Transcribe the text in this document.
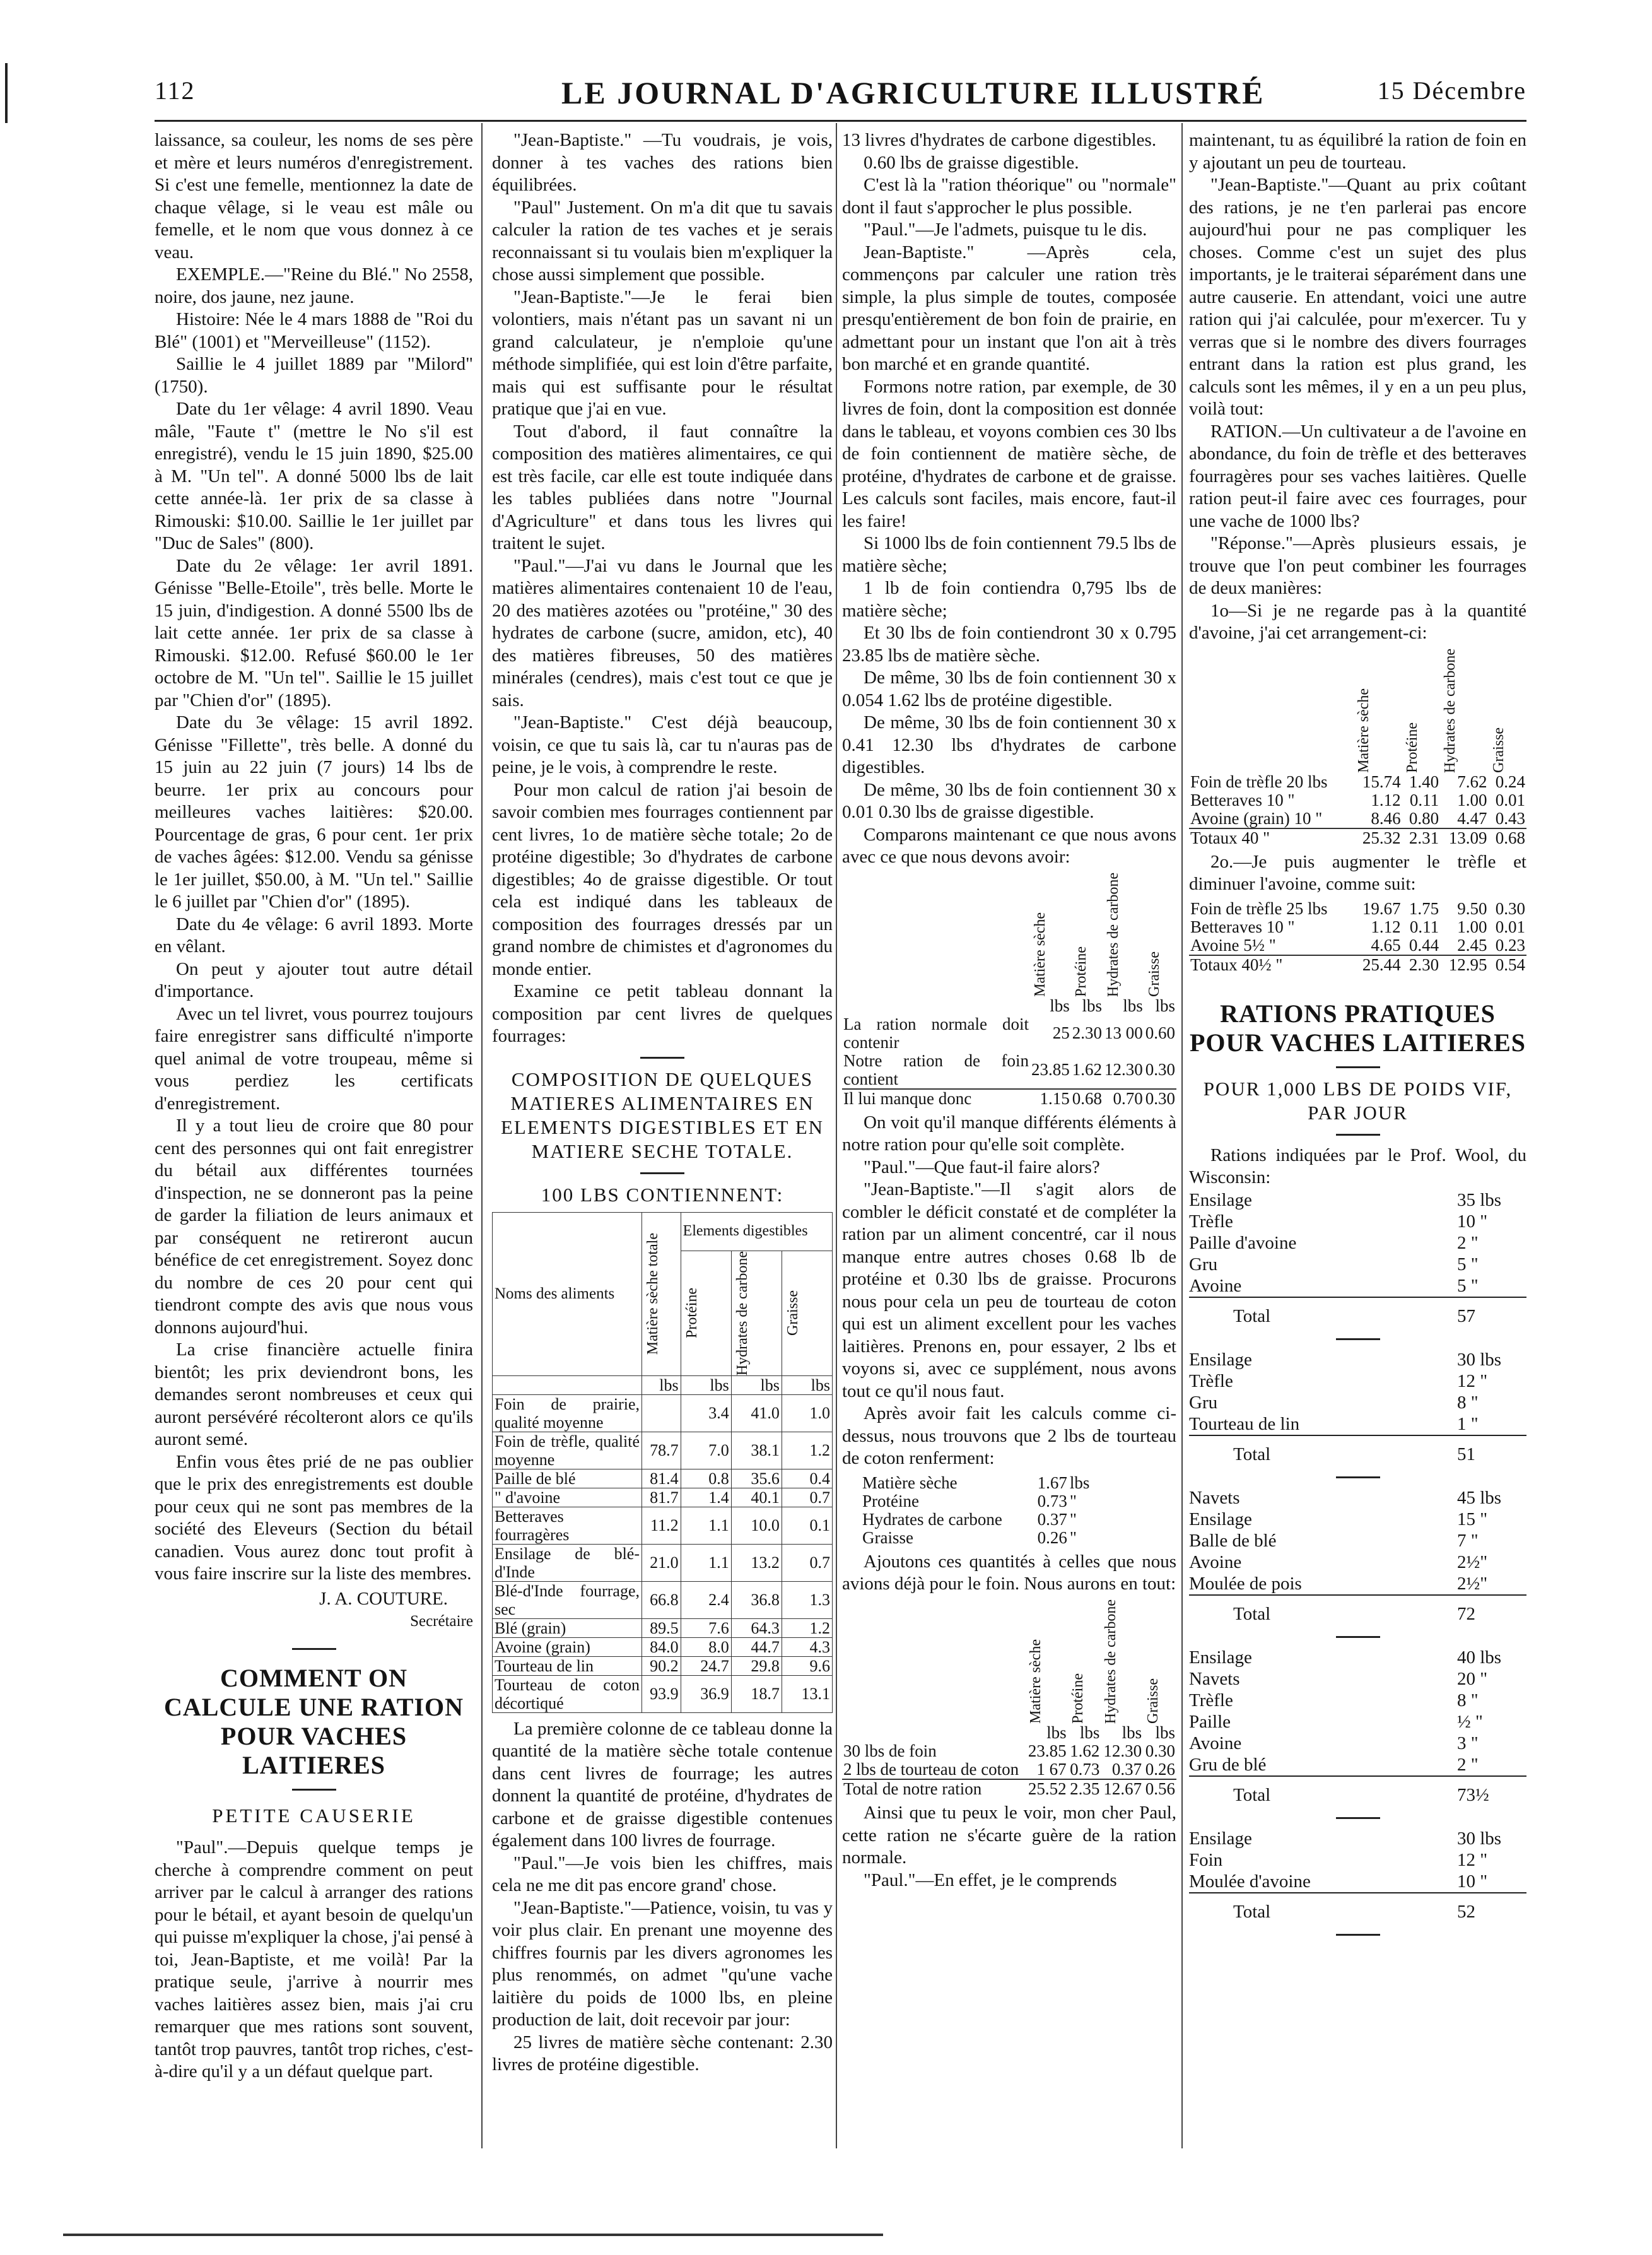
112	LE JOURNAL D'AGRICULTURE ILLUSTRÉ	15 Décembre

laissance, sa couleur, les noms de ses père et mère et leurs numéros d'enregistrement. Si c'est une femelle, mentionnez la date de chaque vêlage, si le veau est mâle ou femelle, et le nom que vous donnez à ce veau.

EXEMPLE.—"Reine du Blé." No 2558, noire, dos jaune, nez jaune.

Histoire: Née le 4 mars 1888 de "Roi du Blé" (1001) et "Merveilleuse" (1152).

Saillie le 4 juillet 1889 par "Milord" (1750).

Date du 1er vêlage: 4 avril 1890. Veau mâle, "Faute t" (mettre le No s'il est enregistré), vendu le 15 juin 1890, $25.00 à M. "Un tel". A donné 5000 lbs de lait cette année-là. 1er prix de sa classe à Rimouski: $10.00. Saillie le 1er juillet par "Duc de Sales" (800).

Date du 2e vêlage: 1er avril 1891. Génisse "Belle-Etoile", très belle. Morte le 15 juin, d'indigestion. A donné 5500 lbs de lait cette année. 1er prix de sa classe à Rimouski. $12.00. Refusé $60.00 le 1er octobre de M. "Un tel". Saillie le 15 juillet par "Chien d'or" (1895).

Date du 3e vêlage: 15 avril 1892. Génisse "Fillette", très belle. A donné du 15 juin au 22 juin (7 jours) 14 lbs de beurre. 1er prix au concours pour meilleures vaches laitières: $20.00. Pourcentage de gras, 6 pour cent. 1er prix de vaches âgées: $12.00. Vendu sa génisse le 1er juillet, $50.00, à M. "Un tel." Saillie le 6 juillet par "Chien d'or" (1895).

Date du 4e vêlage: 6 avril 1893. Morte en vêlant.

On peut y ajouter tout autre détail d'importance.

Avec un tel livret, vous pourrez toujours faire enregistrer sans difficulté n'importe quel animal de votre troupeau, même si vous perdiez les certificats d'enregistrement.

Il y a tout lieu de croire que 80 pour cent des personnes qui ont fait enregistrer du bétail aux différentes tournées d'inspection, ne se donneront pas la peine de garder la filiation de leurs animaux et par conséquent ne retireront aucun bénéfice de cet enregistrement. Soyez donc du nombre de ces 20 pour cent qui tiendront compte des avis que nous vous donnons aujourd'hui.

La crise financière actuelle finira bientôt; les prix deviendront bons, les demandes seront nombreuses et ceux qui auront persévéré récolteront alors ce qu'ils auront semé.

Enfin vous êtes prié de ne pas oublier que le prix des enregistrements est double pour ceux qui ne sont pas membres de la société des Eleveurs (Section du bétail canadien. Vous aurez donc tout profit à vous faire inscrire sur la liste des membres.

J. A. COUTURE.

Secrétaire

COMMENT ON CALCULE UNE RATION POUR VACHES LAITIERES
PETITE CAUSERIE

"Paul".—Depuis quelque temps je cherche à comprendre comment on peut arriver par le calcul à arranger des rations pour le bétail, et ayant besoin de quelqu'un qui puisse m'expliquer la chose, j'ai pensé à toi, Jean-Baptiste, et me voilà! Par la pratique seule, j'arrive à nourrir mes vaches laitières assez bien, mais j'ai cru remarquer que mes rations sont souvent, tantôt trop pauvres, tantôt trop riches, c'est-à-dire qu'il y a un défaut quelque part.

"Jean-Baptiste." —Tu voudrais, je vois, donner à tes vaches des rations bien équilibrées.

"Paul" Justement. On m'a dit que tu savais calculer la ration de tes vaches et je serais reconnaissant si tu voulais bien m'expliquer la chose aussi simplement que possible.

"Jean-Baptiste."—Je le ferai bien volontiers, mais n'étant pas un savant ni un grand calculateur, je n'emploie qu'une méthode simplifiée, qui est loin d'être parfaite, mais qui est suffisante pour le résultat pratique que j'ai en vue.

Tout d'abord, il faut connaître la composition des matières alimentaires, ce qui est très facile, car elle est toute indiquée dans les tables publiées dans notre "Journal d'Agriculture" et dans tous les livres qui traitent le sujet.

"Paul."—J'ai vu dans le Journal que les matières alimentaires contenaient 10 de l'eau, 20 des matières azotées ou "protéine," 30 des hydrates de carbone (sucre, amidon, etc), 40 des matières fibreuses, 50 des matières minérales (cendres), mais c'est tout ce que je sais.

"Jean-Baptiste." C'est déjà beaucoup, voisin, ce que tu sais là, car tu n'auras pas de peine, je le vois, à comprendre le reste.

Pour mon calcul de ration j'ai besoin de savoir combien mes fourrages contiennent par cent livres, 1o de matière sèche totale; 2o de protéine digestible; 3o d'hydrates de carbone digestibles; 4o de graisse digestible. Or tout cela est indiqué dans les tableaux de composition des fourrages dressés par un grand nombre de chimistes et d'agronomes du monde entier.

Examine ce petit tableau donnant la composition par cent livres de quelques fourrages:

COMPOSITION DE QUELQUES MATIERES ALIMENTAIRES EN ELEMENTS DIGESTIBLES ET EN MATIERE SECHE TOTALE.
100 LBS CONTIENNENT:
Noms des aliments	Matière sèche totale	Elements digestibles		

		Protéine	Hydrates de carbone	Graisse

	lbs	lbs	lbs	lbs
Foin de prairie, qualité moyenne		3.4	41.0	1.0
Foin de trèfle, qualité moyenne	78.7	7.0	38.1	1.2
Paille de blé	81.4	0.8	35.6	0.4
" d'avoine	81.7	1.4	40.1	0.7
Betteraves fourragères	11.2	1.1	10.0	0.1
Ensilage de blé-d'Inde	21.0	1.1	13.2	0.7
Blé-d'Inde fourrage, sec	66.8	2.4	36.8	1.3
Blé (grain)	89.5	7.6	64.3	1.2
Avoine (grain)	84.0	8.0	44.7	4.3
Tourteau de lin	90.2	24.7	29.8	9.6
Tourteau de coton décortiqué	93.9	36.9	18.7	13.1

La première colonne de ce tableau donne la quantité de la matière sèche totale contenue dans cent livres de fourrage; les autres donnent la quantité de protéine, d'hydrates de carbone et de graisse digestible contenues également dans 100 livres de fourrage.

"Paul."—Je vois bien les chiffres, mais cela ne me dit pas encore grand' chose.

"Jean-Baptiste."—Patience, voisin, tu vas y voir plus clair. En prenant une moyenne des chiffres fournis par les divers agronomes les plus renommés, on admet "qu'une vache laitière du poids de 1000 lbs, en pleine production de lait, doit recevoir par jour:

25 livres de matière sèche contenant: 2.30 livres de protéine digestible.

13 livres d'hydrates de carbone digestibles.

0.60 lbs de graisse digestible.

C'est là la "ration théorique" ou "normale" dont il faut s'approcher le plus possible.

"Paul."—Je l'admets, puisque tu le dis.

Jean-Baptiste." —Après cela, commençons par calculer une ration très simple, la plus simple de toutes, composée presqu'entièrement de bon foin de prairie, en admettant pour un instant que l'on ait à très bon marché et en grande quantité.

Formons notre ration, par exemple, de 30 livres de foin, dont la composition est donnée dans le tableau, et voyons combien ces 30 lbs de foin contiennent de matière sèche, de protéine, d'hydrates de carbone et de graisse. Les calculs sont faciles, mais encore, faut-il les faire!

Si 1000 lbs de foin contiennent 79.5 lbs de matière sèche;

1 lb de foin contiendra 0,795 lbs de matière sèche;

Et 30 lbs de foin contiendront 30 x 0.795 23.85 lbs de matière sèche.

De même, 30 lbs de foin contiennent 30 x 0.054 1.62 lbs de protéine digestible.

De même, 30 lbs de foin contiennent 30 x 0.41 12.30 lbs d'hydrates de carbone digestibles.

De même, 30 lbs de foin contiennent 30 x 0.01 0.30 lbs de graisse digestible.

Comparons maintenant ce que nous avons avec ce que nous devons avoir:

	Matière sèche	Protéine	Hydrates de carbone	Graisse

	lbs	lbs	lbs	lbs
La ration normale doit contenir	25	2.30	13 00	0.60
Notre ration de foin contient	23.85	1.62	12.30	0.30
Il lui manque donc	1.15	0.68	0.70	0.30

On voit qu'il manque différents éléments à notre ration pour qu'elle soit complète.

"Paul."—Que faut-il faire alors?

"Jean-Baptiste."—Il s'agit alors de combler le déficit constaté et de compléter la ration par un aliment concentré, car il nous manque entre autres choses 0.68 lb de protéine et 0.30 lbs de graisse. Procurons nous pour cela un peu de tourteau de coton qui est un aliment excellent pour les vaches laitières. Prenons en, pour essayer, 2 lbs et voyons si, avec ce supplément, nous avons tout ce qu'il nous faut.

Après avoir fait les calculs comme ci-dessus, nous trouvons que 2 lbs de tourteau de coton renferment:

Matière sèche	1.67	lbs
Protéine	0.73	"
Hydrates de carbone	0.37	"
Graisse	0.26	"

Ajoutons ces quantités à celles que nous avions déjà pour le foin. Nous aurons en tout:

	Matière sèche	Protéine	Hydrates de carbone	Graisse

	lbs	lbs	lbs	lbs
30 lbs de foin	23.85	1.62	12.30	0.30
2 lbs de tourteau de coton	1 67	0.73	0.37	0.26
Total de notre ration	25.52	2.35	12.67	0.56

Ainsi que tu peux le voir, mon cher Paul, cette ration ne s'écarte guère de la ration normale.

"Paul."—En effet, je le comprends

maintenant, tu as équilibré la ration de foin en y ajoutant un peu de tourteau.

"Jean-Baptiste."—Quant au prix coûtant des rations, je ne t'en parlerai pas encore aujourd'hui pour ne pas compliquer les choses. Comme c'est un sujet des plus importants, je le traiterai séparément dans une autre causerie. En attendant, voici une autre ration qui j'ai calculée, pour m'exercer. Tu y verras que si le nombre des divers fourrages entrant dans la ration est plus grand, les calculs sont les mêmes, il y en a un peu plus, voilà tout:

RATION.—Un cultivateur a de l'avoine en abondance, du foin de trèfle et des betteraves fourragères pour ses vaches laitières. Quelle ration peut-il faire avec ces fourrages, pour une vache de 1000 lbs?

"Réponse."—Après plusieurs essais, je trouve que l'on peut combiner les fourrages de deux manières:

1o—Si je ne regarde pas à la quantité d'avoine, j'ai cet arrangement-ci:

	Matière sèche	Protéine	Hydrates de carbone	Graisse

Foin de trèfle 20 lbs	15.74	1.40	7.62	0.24
Betteraves 10 "	1.12	0.11	1.00	0.01
Avoine (grain) 10 "	8.46	0.80	4.47	0.43
Totaux 40 "	25.32	2.31	13.09	0.68

2o.—Je puis augmenter le trèfle et diminuer l'avoine, comme suit:

Foin de trèfle 25 lbs	19.67	1.75	9.50	0.30
Betteraves 10 "	1.12	0.11	1.00	0.01
Avoine 5½ "	4.65	0.44	2.45	0.23
Totaux 40½ "	25.44	2.30	12.95	0.54
RATIONS PRATIQUES POUR VACHES LAITIERES
POUR 1,000 LBS DE POIDS VIF, PAR JOUR

Rations indiquées par le Prof. Wool, du Wisconsin:

Ensilage	35 lbs
Trèfle	10 "
Paille d'avoine	2 "
Gru	5 "
Avoine	5 "
Total	57
Ensilage	30 lbs
Trèfle	12 "
Gru	8 "
Tourteau de lin	1 "
Total	51
Navets	45 lbs
Ensilage	15 "
Balle de blé	7 "
Avoine	2½"
Moulée de pois	2½"
Total	72
Ensilage	40 lbs
Navets	20 "
Trèfle	8 "
Paille	½ "
Avoine	3 "
Gru de blé	2 "
Total	73½
Ensilage	30 lbs
Foin	12 "
Moulée d'avoine	10 "
Total	52
